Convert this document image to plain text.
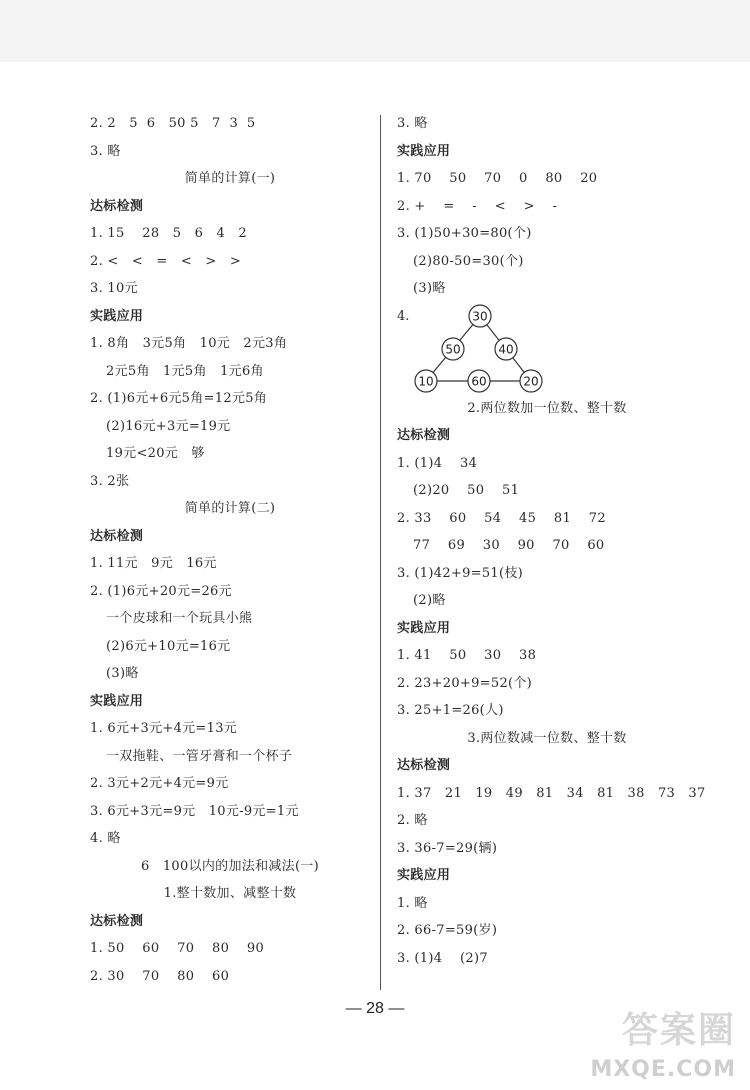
2. 2   5  6   50 5   7  3  5
3. 略
简单的计算(一)
达标检测
1. 15    28   5   6   4   2
2. <   <   =   <   >   >
3. 10元
实践应用
1. 8角   3元5角   10元   2元3角
2元5角   1元5角   1元6角
2. (1)6元+6元5角=12元5角
(2)16元+3元=19元
19元<20元   够
3. 2张
简单的计算(二)
达标检测
1. 11元   9元   16元
2. (1)6元+20元=26元
一个皮球和一个玩具小熊
(2)6元+10元=16元
(3)略
实践应用
1. 6元+3元+4元=13元
一双拖鞋、一管牙膏和一个杯子
2. 3元+2元+4元=9元
3. 6元+3元=9元   10元-9元=1元
4. 略
6   100以内的加法和减法(一)
1.整十数加、减整十数
达标检测
1. 50    60    70    80    90
2. 30    70    80    60
3. 略
实践应用
1. 70    50    70    0    80    20
2. +    =    -    <    >    -
3. (1)50+30=80(个)
(2)80-50=30(个)
(3)略
4.	30
50	40
10	60	20
2.两位数加一位数、整十数
达标检测
1. (1)4    34
(2)20    50    51
2. 33    60    54    45    81    72
77    69    30    90    70    60
3. (1)42+9=51(枝)
(2)略
实践应用
1. 41    50    30    38
2. 23+20+9=52(个)
3. 25+1=26(人)
3.两位数减一位数、整十数
达标检测
1. 37   21   19   49   81   34   81   38   73   37
2. 略
3. 36-7=29(辆)
实践应用
1. 略
2. 66-7=59(岁)
3. (1)4    (2)7
— 28 —
答案圈
MXQE.COM
